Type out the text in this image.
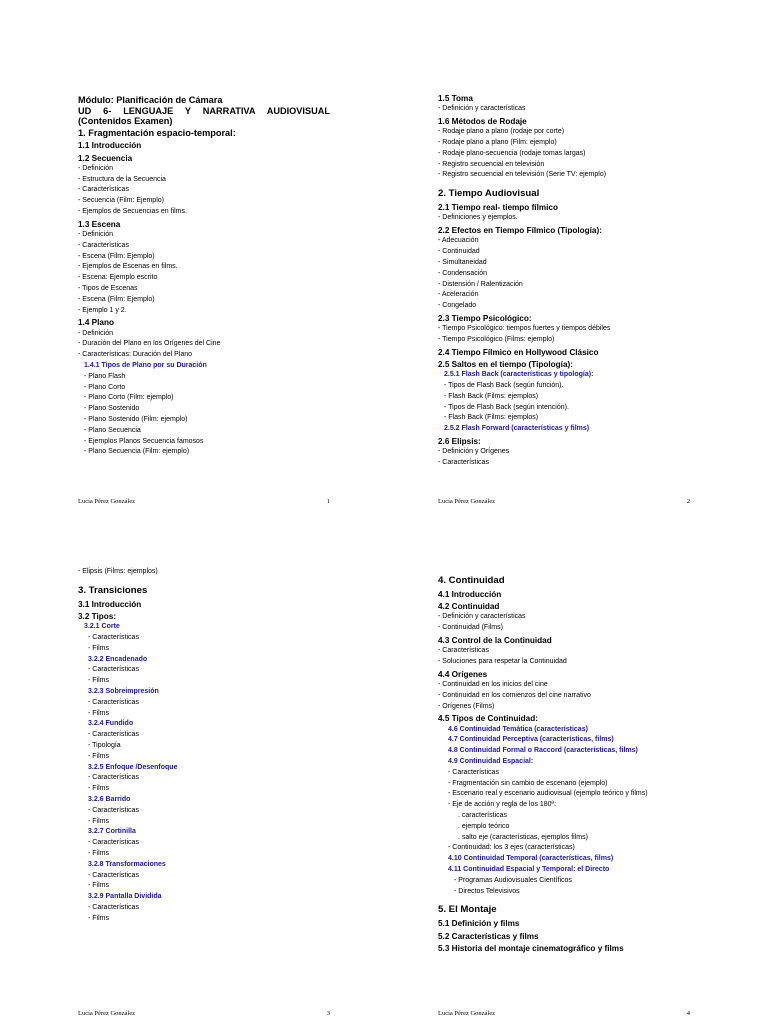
Módulo: Planificación de Cámara
UD 6- LENGUAJE Y NARRATIVA AUDIOVISUAL
(Contenidos Examen)
1. Fragmentación espacio-temporal:
1.1 Introducción
1.2 Secuencia
- Definición
- Estructura de la Secuencia
- Características
- Secuencia (Film: Ejemplo)
- Ejemplos de Secuencias en films.
1.3 Escena
- Definición
- Características
- Escena (Film: Ejemplo)
- Ejemplos de Escenas en films.
- Escena: Ejemplo escrito
- Tipos de Escenas
- Escena (Film: Ejemplo)
- Ejemplo 1 y 2.
1.4 Plano
- Definición
- Duración del Plano en los Orígenes del Cine
- Características: Duración del Plano
1.4.1 Tipos de Plano por su Duración
- Plano Flash
- Plano Corto
- Plano Corto (Film: ejemplo)
- Plano Sostenido
- Plano Sostenido (Film: ejemplo)
- Plano Secuencia
- Ejemplos Planos Secuencia famosos
- Plano Secuencia (Film: ejemplo)
Lucía Pérez González	1
1.5 Toma
- Definición y características
1.6 Métodos de Rodaje
- Rodaje plano a plano (rodaje por corte)
- Rodaje plano a plano (Film: ejemplo)
- Rodaje plano-secuencia (rodaje tomas largas)
- Registro secuencial en televisión
- Registro secuencial en televisión (Serie TV: ejemplo)
2. Tiempo Audiovisual
2.1 Tiempo real- tiempo fílmico
- Definiciones y ejemplos.
2.2 Efectos en Tiempo Fílmico (Tipología):
- Adecuación
- Continuidad
- Simultaneidad
- Condensación
- Distensión / Ralentización
- Aceleración
- Congelado
2.3 Tiempo Psicológico:
- Tiempo Psicológico: tiempos fuertes y tiempos débiles
- Tiempo Psicológico (Films: ejemplo)
2.4 Tiempo Fílmico en Hollywood Clásico
2.5 Saltos en el tiempo (Tipología):
2.5.1 Flash Back (características y tipología):
- Tipos de Flash Back (según función).
- Flash Back (Films: ejemplos)
- Tipos de Flash Back (según intención).
- Flash Back (Films: ejemplos)
2.5.2 Flash Forward (características y films)
2.6 Elipsis:
- Definición y Orígenes
- Características
Lucía Pérez González	2
- Elipsis (Films: ejemplos)
3. Transiciones
3.1 Introducción
3.2 Tipos:
3.2.1 Corte
- Características
- Films
3.2.2 Encadenado
- Características
- Films
3.2.3 Sobreimpresión
- Características
- Films
3.2.4 Fundido
- Características
- Tipología
- Films
3.2.5 Enfoque /Desenfoque
- Características
- Films
3.2.6 Barrido
- Características
- Films
3.2.7 Cortinilla
- Características
- Films
3.2.8 Transformaciones
- Características
- Films
3.2.9 Pantalla Dividida
- Características
- Films
Lucía Pérez González	3
4. Continuidad
4.1 Introducción
4.2 Continuidad
- Definición y características
- Continuidad (Films)
4.3 Control de la Continuidad
- Características
- Soluciones para respetar la Continuidad
4.4 Orígenes
- Continuidad en los inicios del cine
- Continuidad en los comienzos del cine narrativo
- Orígenes (Films)
4.5 Tipos de Continuidad:
4.6 Continuidad Temática (características)
4.7 Continuidad Perceptiva (características, films)
4.8 Continuidad Formal o Raccord (características, films)
4.9 Continuidad Espacial:
- Características
- Fragmentación sin cambio de escenario (ejemplo)
- Escenario real y escenario audiovisual (ejemplo teórico y films)
- Eje de acción y regla de los 180º:
. características
. ejemplo teórico
. salto eje (características, ejemplos films)
- Continuidad: los 3 ejes (características)
4.10 Continuidad Temporal (características, films)
4.11 Continuidad Espacial y Temporal: el Directo
- Programas Audiovisuales Científicos
- Directos Televisivos
5. El Montaje
5.1 Definición y films
5.2 Características y films
5.3 Historia del montaje cinematográfico y films
Lucía Pérez González	4
